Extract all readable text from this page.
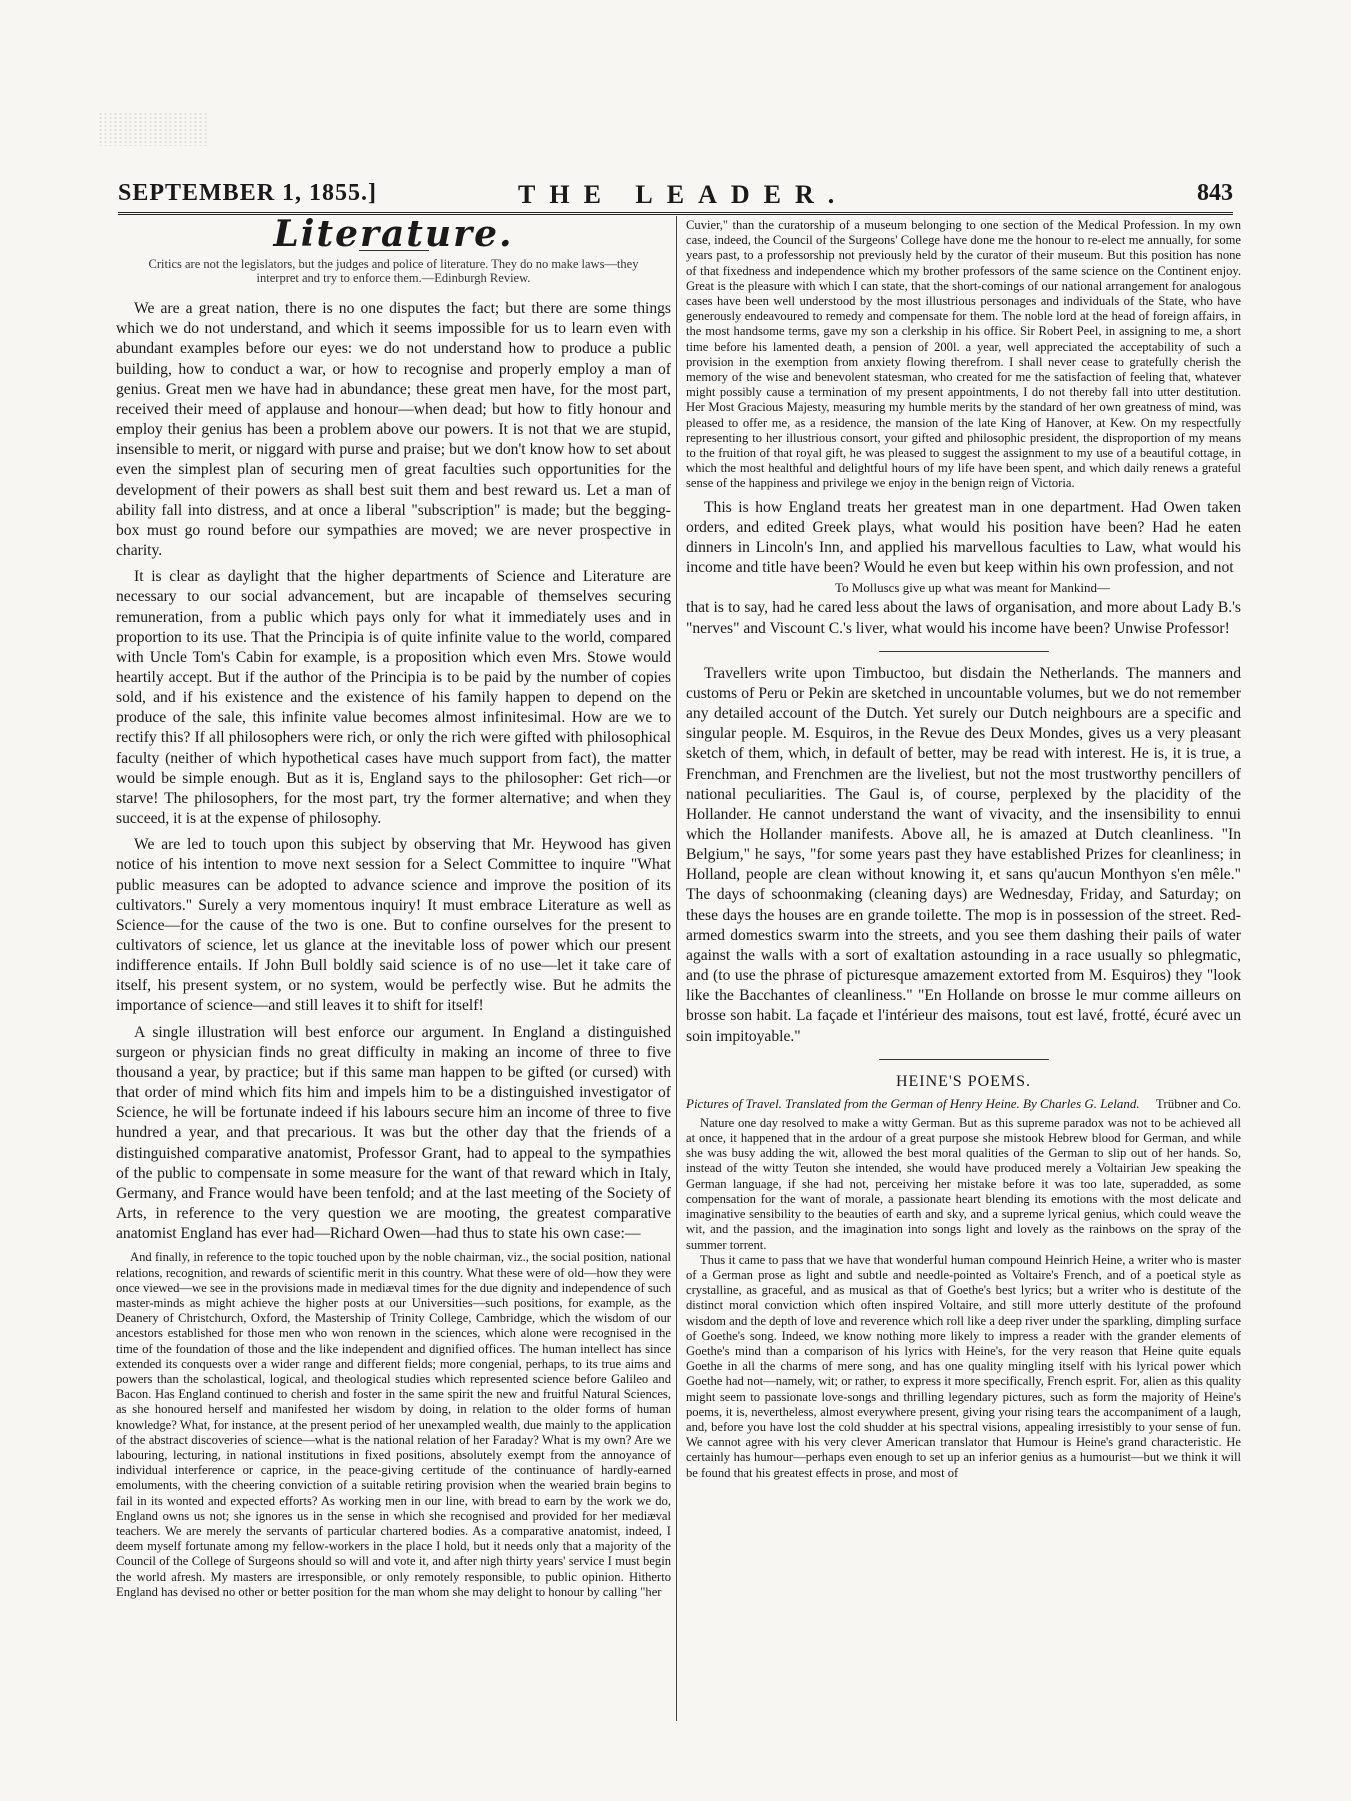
SEPTEMBER 1, 1855.]	THE LEADER.	843
Literature.
Critics are not the legislators, but the judges and police of literature. They do no make laws—they interpret and try to enforce them.—Edinburgh Review.

We are a great nation, there is no one disputes the fact; but there are some things which we do not understand, and which it seems impossible for us to learn even with abundant examples before our eyes: we do not understand how to produce a public building, how to conduct a war, or how to recognise and properly employ a man of genius. Great men we have had in abundance; these great men have, for the most part, received their meed of applause and honour—when dead; but how to fitly honour and employ their genius has been a problem above our powers. It is not that we are stupid, insensible to merit, or niggard with purse and praise; but we don't know how to set about even the simplest plan of securing men of great faculties such opportunities for the development of their powers as shall best suit them and best reward us. Let a man of ability fall into distress, and at once a liberal "subscription" is made; but the begging-box must go round before our sympathies are moved; we are never prospective in charity.

It is clear as daylight that the higher departments of Science and Literature are necessary to our social advancement, but are incapable of themselves securing remuneration, from a public which pays only for what it immediately uses and in proportion to its use. That the Principia is of quite infinite value to the world, compared with Uncle Tom's Cabin for example, is a proposition which even Mrs. Stowe would heartily accept. But if the author of the Principia is to be paid by the number of copies sold, and if his existence and the existence of his family happen to depend on the produce of the sale, this infinite value becomes almost infinitesimal. How are we to rectify this? If all philosophers were rich, or only the rich were gifted with philosophical faculty (neither of which hypothetical cases have much support from fact), the matter would be simple enough. But as it is, England says to the philosopher: Get rich—or starve! The philosophers, for the most part, try the former alternative; and when they succeed, it is at the expense of philosophy.

We are led to touch upon this subject by observing that Mr. Heywood has given notice of his intention to move next session for a Select Committee to inquire "What public measures can be adopted to advance science and improve the position of its cultivators." Surely a very momentous inquiry! It must embrace Literature as well as Science—for the cause of the two is one. But to confine ourselves for the present to cultivators of science, let us glance at the inevitable loss of power which our present indifference entails. If John Bull boldly said science is of no use—let it take care of itself, his present system, or no system, would be perfectly wise. But he admits the importance of science—and still leaves it to shift for itself!

A single illustration will best enforce our argument. In England a distinguished surgeon or physician finds no great difficulty in making an income of three to five thousand a year, by practice; but if this same man happen to be gifted (or cursed) with that order of mind which fits him and impels him to be a distinguished investigator of Science, he will be fortunate indeed if his labours secure him an income of three to five hundred a year, and that precarious. It was but the other day that the friends of a distinguished comparative anatomist, Professor Grant, had to appeal to the sympathies of the public to compensate in some measure for the want of that reward which in Italy, Germany, and France would have been tenfold; and at the last meeting of the Society of Arts, in reference to the very question we are mooting, the greatest comparative anatomist England has ever had—Richard Owen—had thus to state his own case:—

And finally, in reference to the topic touched upon by the noble chairman, viz., the social position, national relations, recognition, and rewards of scientific merit in this country. What these were of old—how they were once viewed—we see in the provisions made in mediæval times for the due dignity and independence of such master-minds as might achieve the higher posts at our Universities—such positions, for example, as the Deanery of Christchurch, Oxford, the Mastership of Trinity College, Cambridge, which the wisdom of our ancestors established for those men who won renown in the sciences, which alone were recognised in the time of the foundation of those and the like independent and dignified offices. The human intellect has since extended its conquests over a wider range and different fields; more congenial, perhaps, to its true aims and powers than the scholastical, logical, and theological studies which represented science before Galileo and Bacon. Has England continued to cherish and foster in the same spirit the new and fruitful Natural Sciences, as she honoured herself and manifested her wisdom by doing, in relation to the older forms of human knowledge? What, for instance, at the present period of her unexampled wealth, due mainly to the application of the abstract discoveries of science—what is the national relation of her Faraday? What is my own? Are we labouring, lecturing, in national institutions in fixed positions, absolutely exempt from the annoyance of individual interference or caprice, in the peace-giving certitude of the continuance of hardly-earned emoluments, with the cheering conviction of a suitable retiring provision when the wearied brain begins to fail in its wonted and expected efforts? As working men in our line, with bread to earn by the work we do, England owns us not; she ignores us in the sense in which she recognised and provided for her mediæval teachers. We are merely the servants of particular chartered bodies. As a comparative anatomist, indeed, I deem myself fortunate among my fellow-workers in the place I hold, but it needs only that a majority of the Council of the College of Surgeons should so will and vote it, and after nigh thirty years' service I must begin the world afresh. My masters are irresponsible, or only remotely responsible, to public opinion. Hitherto England has devised no other or better position for the man whom she may delight to honour by calling "her

Cuvier," than the curatorship of a museum belonging to one section of the Medical Profession. In my own case, indeed, the Council of the Surgeons' College have done me the honour to re-elect me annually, for some years past, to a professorship not previously held by the curator of their museum. But this position has none of that fixedness and independence which my brother professors of the same science on the Continent enjoy. Great is the pleasure with which I can state, that the short-comings of our national arrangement for analogous cases have been well understood by the most illustrious personages and individuals of the State, who have generously endeavoured to remedy and compensate for them. The noble lord at the head of foreign affairs, in the most handsome terms, gave my son a clerkship in his office. Sir Robert Peel, in assigning to me, a short time before his lamented death, a pension of 200l. a year, well appreciated the acceptability of such a provision in the exemption from anxiety flowing therefrom. I shall never cease to gratefully cherish the memory of the wise and benevolent statesman, who created for me the satisfaction of feeling that, whatever might possibly cause a termination of my present appointments, I do not thereby fall into utter destitution. Her Most Gracious Majesty, measuring my humble merits by the standard of her own greatness of mind, was pleased to offer me, as a residence, the mansion of the late King of Hanover, at Kew. On my respectfully representing to her illustrious consort, your gifted and philosophic president, the disproportion of my means to the fruition of that royal gift, he was pleased to suggest the assignment to my use of a beautiful cottage, in which the most healthful and delightful hours of my life have been spent, and which daily renews a grateful sense of the happiness and privilege we enjoy in the benign reign of Victoria.

This is how England treats her greatest man in one department. Had Owen taken orders, and edited Greek plays, what would his position have been? Had he eaten dinners in Lincoln's Inn, and applied his marvellous faculties to Law, what would his income and title have been? Would he even but keep within his own profession, and not

To Molluscs give up what was meant for Mankind—

that is to say, had he cared less about the laws of organisation, and more about Lady B.'s "nerves" and Viscount C.'s liver, what would his income have been? Unwise Professor!

Travellers write upon Timbuctoo, but disdain the Netherlands. The manners and customs of Peru or Pekin are sketched in uncountable volumes, but we do not remember any detailed account of the Dutch. Yet surely our Dutch neighbours are a specific and singular people. M. Esquiros, in the Revue des Deux Mondes, gives us a very pleasant sketch of them, which, in default of better, may be read with interest. He is, it is true, a Frenchman, and Frenchmen are the liveliest, but not the most trustworthy pencillers of national peculiarities. The Gaul is, of course, perplexed by the placidity of the Hollander. He cannot understand the want of vivacity, and the insensibility to ennui which the Hollander manifests. Above all, he is amazed at Dutch cleanliness. "In Belgium," he says, "for some years past they have established Prizes for cleanliness; in Holland, people are clean without knowing it, et sans qu'aucun Monthyon s'en mêle." The days of schoonmaking (cleaning days) are Wednesday, Friday, and Saturday; on these days the houses are en grande toilette. The mop is in possession of the street. Red-armed domestics swarm into the streets, and you see them dashing their pails of water against the walls with a sort of exaltation astounding in a race usually so phlegmatic, and (to use the phrase of picturesque amazement extorted from M. Esquiros) they "look like the Bacchantes of cleanliness." "En Hollande on brosse le mur comme ailleurs on brosse son habit. La façade et l'intérieur des maisons, tout est lavé, frotté, écuré avec un soin impitoyable."

HEINE'S POEMS.
Pictures of Travel. Translated from the German of Henry Heine. By Charles G. Leland. Trübner and Co.

Nature one day resolved to make a witty German. But as this supreme paradox was not to be achieved all at once, it happened that in the ardour of a great purpose she mistook Hebrew blood for German, and while she was busy adding the wit, allowed the best moral qualities of the German to slip out of her hands. So, instead of the witty Teuton she intended, she would have produced merely a Voltairian Jew speaking the German language, if she had not, perceiving her mistake before it was too late, superadded, as some compensation for the want of morale, a passionate heart blending its emotions with the most delicate and imaginative sensibility to the beauties of earth and sky, and a supreme lyrical genius, which could weave the wit, and the passion, and the imagination into songs light and lovely as the rainbows on the spray of the summer torrent.

Thus it came to pass that we have that wonderful human compound Heinrich Heine, a writer who is master of a German prose as light and subtle and needle-pointed as Voltaire's French, and of a poetical style as crystalline, as graceful, and as musical as that of Goethe's best lyrics; but a writer who is destitute of the distinct moral conviction which often inspired Voltaire, and still more utterly destitute of the profound wisdom and the depth of love and reverence which roll like a deep river under the sparkling, dimpling surface of Goethe's song. Indeed, we know nothing more likely to impress a reader with the grander elements of Goethe's mind than a comparison of his lyrics with Heine's, for the very reason that Heine quite equals Goethe in all the charms of mere song, and has one quality mingling itself with his lyrical power which Goethe had not—namely, wit; or rather, to express it more specifically, French esprit. For, alien as this quality might seem to passionate love-songs and thrilling legendary pictures, such as form the majority of Heine's poems, it is, nevertheless, almost everywhere present, giving your rising tears the accompaniment of a laugh, and, before you have lost the cold shudder at his spectral visions, appealing irresistibly to your sense of fun. We cannot agree with his very clever American translator that Humour is Heine's grand characteristic. He certainly has humour—perhaps even enough to set up an inferior genius as a humourist—but we think it will be found that his greatest effects in prose, and most of
